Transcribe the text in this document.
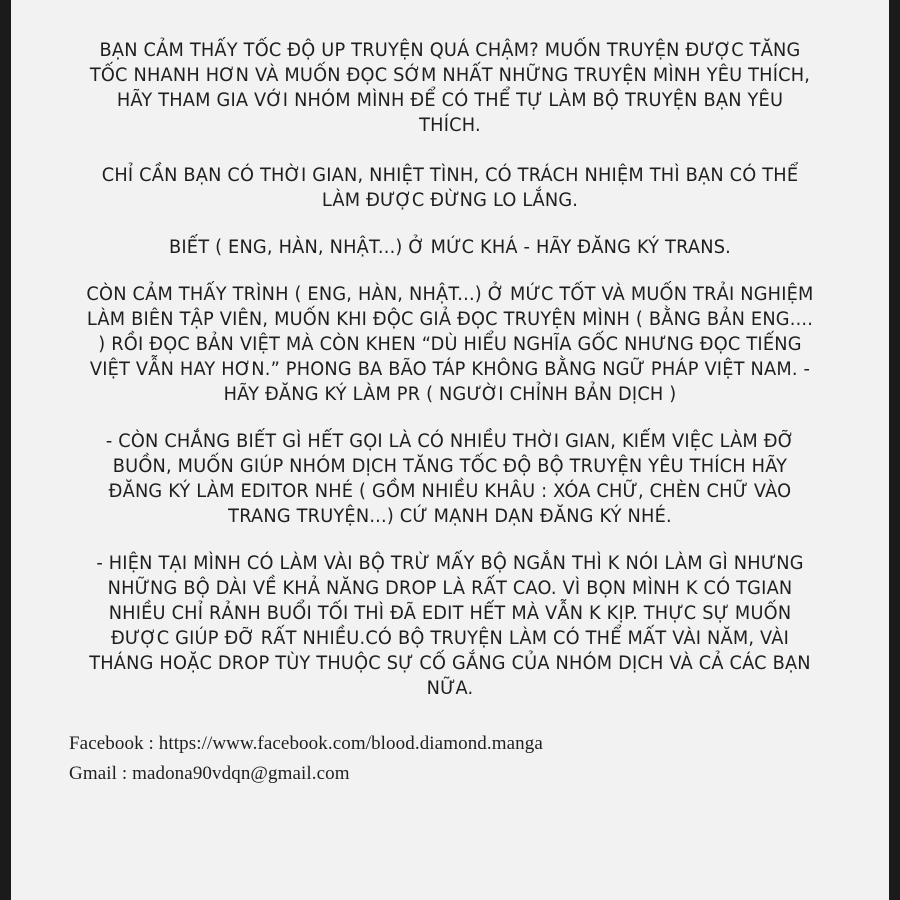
BẠN CẢM THẤY TỐC ĐỘ UP TRUYỆN QUÁ CHẬM? MUỐN TRUYỆN ĐƯỢC TĂNG TỐC NHANH HƠN VÀ MUỐN ĐỌC SỚM NHẤT NHỮNG TRUYỆN MÌNH YÊU THÍCH, HÃY THAM GIA VỚI NHÓM MÌNH ĐỂ CÓ THỂ TỰ LÀM BỘ TRUYỆN BẠN YÊU THÍCH.

CHỈ CẦN BẠN CÓ THỜI GIAN, NHIỆT TÌNH, CÓ TRÁCH NHIỆM THÌ BẠN CÓ THỂ LÀM ĐƯỢC ĐỪNG LO LẮNG.

BIẾT ( ENG, HÀN, NHẬT...) Ở MỨC KHÁ - HÃY ĐĂNG KÝ TRANS.

CÒN CẢM THẤY TRÌNH ( ENG, HÀN, NHẬT...) Ở MỨC TỐT VÀ MUỐN TRẢI NGHIỆM LÀM BIÊN TẬP VIÊN, MUỐN KHI ĐỘC GIẢ ĐỌC TRUYỆN MÌNH ( BẰNG BẢN ENG.... ) RỒI ĐỌC BẢN VIỆT MÀ CÒN KHEN “DÙ HIỂU NGHĨA GỐC NHƯNG ĐỌC TIẾNG VIỆT VẪN HAY HƠN.” PHONG BA BÃO TÁP KHÔNG BẰNG NGỮ PHÁP VIỆT NAM. - HÃY ĐĂNG KÝ LÀM PR ( NGƯỜI CHỈNH BẢN DỊCH )

- CÒN CHẲNG BIẾT GÌ HẾT GỌI LÀ CÓ NHIỀU THỜI GIAN, KIẾM VIỆC LÀM ĐỠ BUỒN, MUỐN GIÚP NHÓM DỊCH TĂNG TỐC ĐỘ BỘ TRUYỆN YÊU THÍCH HÃY ĐĂNG KÝ LÀM EDITOR NHÉ ( GỒM NHIỀU KHÂU : XÓA CHỮ, CHÈN CHỮ VÀO TRANG TRUYỆN...) CỨ MẠNH DẠN ĐĂNG KÝ NHÉ.

- HIỆN TẠI MÌNH CÓ LÀM VÀI BỘ TRỪ MẤY BỘ NGẮN THÌ K NÓI LÀM GÌ NHƯNG NHỮNG BỘ DÀI VỀ KHẢ NĂNG DROP LÀ RẤT CAO. VÌ BỌN MÌNH K CÓ TGIAN NHIỀU CHỈ RẢNH BUỔI TỐI THÌ ĐÃ EDIT HẾT MÀ VẪN K KỊP. THỰC SỰ MUỐN ĐƯỢC GIÚP ĐỠ RẤT NHIỀU.CÓ BỘ TRUYỆN LÀM CÓ THỂ MẤT VÀI NĂM, VÀI THÁNG HOẶC DROP TÙY THUỘC SỰ CỐ GẮNG CỦA NHÓM DỊCH VÀ CẢ CÁC BẠN NỮA.

Facebook : https://www.facebook.com/blood.diamond.manga
Gmail : madona90vdqn@gmail.com
